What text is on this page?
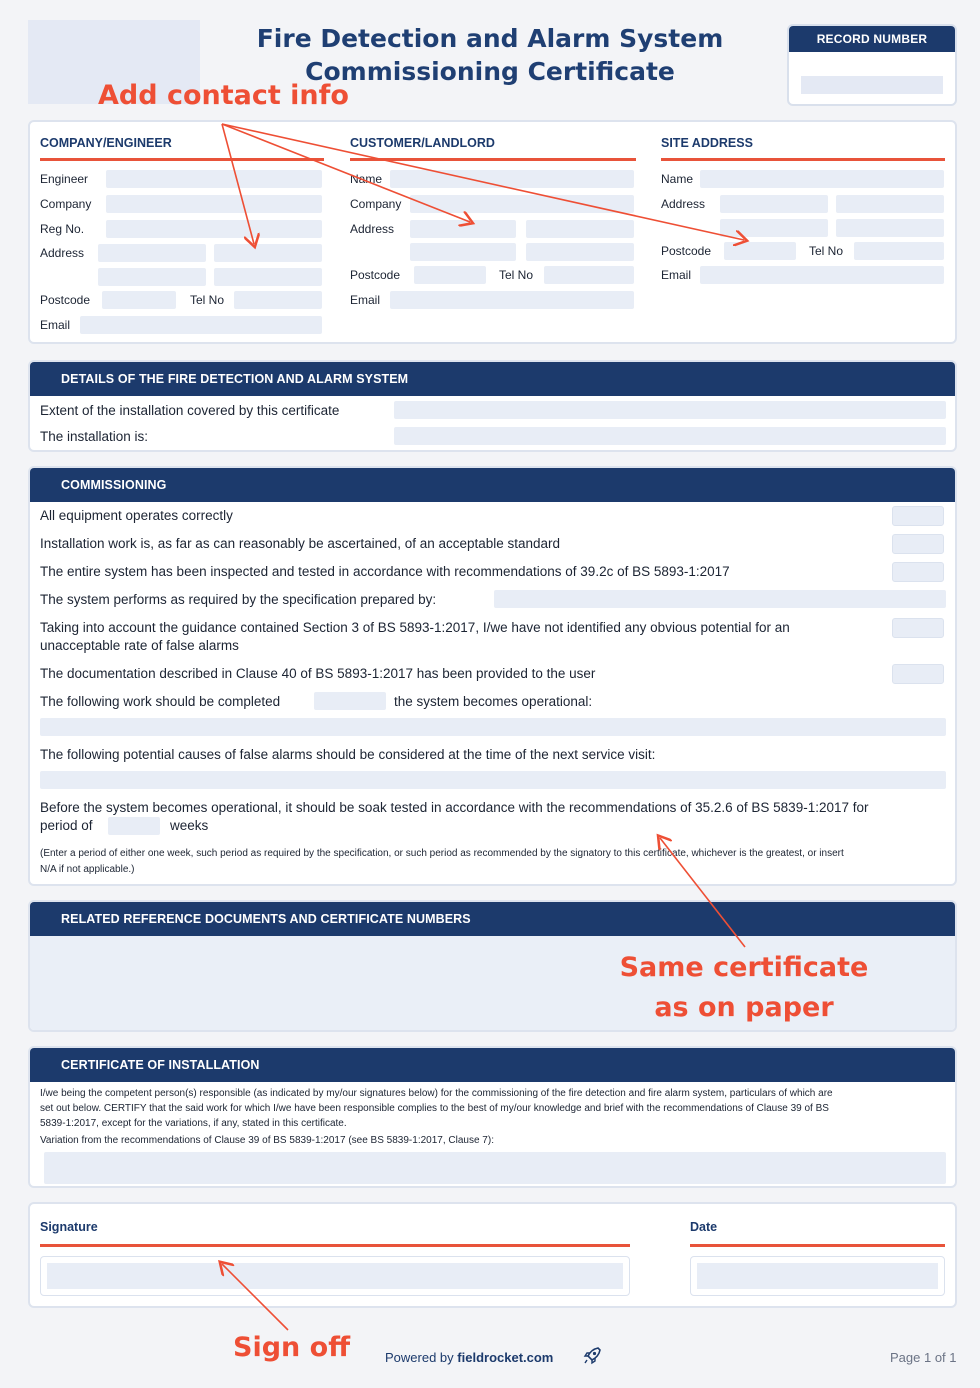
Fire Detection and Alarm System
Commissioning Certificate
RECORD NUMBER
COMPANY/ENGINEER
Engineer
Company
Reg No.
Address
Postcode	Tel No
Email
CUSTOMER/LANDLORD
Name
Company
Address
Postcode	Tel No
Email
SITE ADDRESS
Name
Address
Postcode	Tel No
Email
DETAILS OF THE FIRE DETECTION AND ALARM SYSTEM
Extent of the installation covered by this certificate
The installation is:
COMMISSIONING
All equipment operates correctly
Installation work is, as far as can reasonably be ascertained, of an acceptable standard
The entire system has been inspected and tested in accordance with recommendations of 39.2c of BS 5893-1:2017
The system performs as required by the specification prepared by:
Taking into account the guidance contained Section 3 of BS 5893-1:2017, I/we have not identified any obvious potential for an
unacceptable rate of false alarms
The documentation described in Clause 40 of BS 5893-1:2017 has been provided to the user
The following work should be completed	the system becomes operational:
The following potential causes of false alarms should be considered at the time of the next service visit:
Before the system becomes operational, it should be soak tested in accordance with the recommendations of 35.2.6 of BS 5839-1:2017 for
period of	weeks
(Enter a period of either one week, such period as required by the specification, or such period as recommended by the signatory to this certificate, whichever is the greatest, or insert
N/A if not applicable.)
RELATED REFERENCE DOCUMENTS AND CERTIFICATE NUMBERS
CERTIFICATE OF INSTALLATION
I/we being the competent person(s) responsible (as indicated by my/our signatures below) for the commissioning of the fire detection and fire alarm system, particulars of which are
set out below. CERTIFY that the said work for which I/we have been responsible complies to the best of my/our knowledge and brief with the recommendations of Clause 39 of BS
5839-1:2017, except for the variations, if any, stated in this certificate.
Variation from the recommendations of Clause 39 of BS 5839-1:2017 (see BS 5839-1:2017, Clause 7):
Signature	Date
Powered by fieldrocket.com	Page 1 of 1
Add contact info
Same certificate
as on paper
Sign off
